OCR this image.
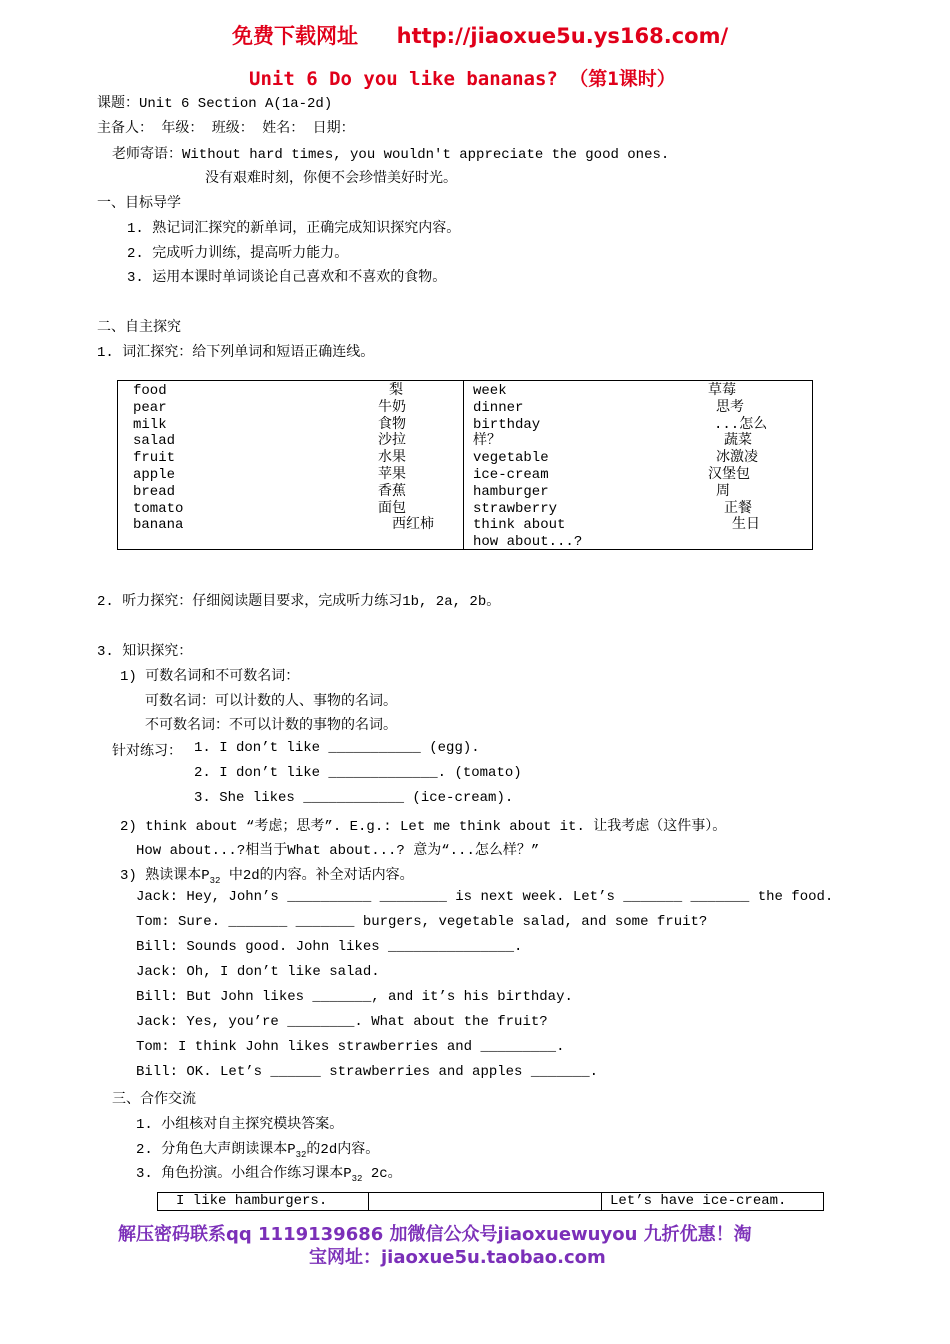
免费下载网址 http://jiaoxue5u.ys168.com/
Unit 6 Do you like bananas? （第1课时）
课题：Unit 6 Section A(1a-2d)
主备人： 年级： 班级： 姓名： 日期：
老师寄语：Without hard times, you wouldn't appreciate the good ones.
没有艰难时刻，你便不会珍惜美好时光。
一、目标导学
1. 熟记词汇探究的新单词，正确完成知识探究内容。
2. 完成听力训练，提高听力能力。
3. 运用本课时单词谈论自己喜欢和不喜欢的食物。
二、自主探究
1. 词汇探究：给下列单词和短语正确连线。
food
pear
milk
salad
fruit
apple
bread
tomato
banana
梨
牛奶
食物
沙拉
水果
苹果
香蕉
面包
西红柿
week
dinner
birthday
样？
vegetable
ice-cream
hamburger
strawberry
think about
how about...?
草莓
思考
...怎么
蔬菜
冰激凌
汉堡包
周
正餐
生日
2. 听力探究：仔细阅读题目要求，完成听力练习1b, 2a, 2b。
3. 知识探究：
1) 可数名词和不可数名词：
可数名词：可以计数的人、事物的名词。
不可数名词：不可以计数的事物的名词。
针对练习： 1. I don’t like ___________ (egg).
2. I don’t like _____________. (tomato)
3. She likes ____________ (ice-cream).
2) think about “考虑；思考”. E.g.: Let me think about it. 让我考虑（这件事）。
How about...?相当于What about...? 意为“...怎么样？”
3) 熟读课本$P_{32}$ 中2d的内容。补全对话内容。
Jack: Hey, John’s __________ ________ is next week. Let’s _______ _______ the food.
Tom: Sure. _______ _______ burgers, vegetable salad, and some fruit?
Bill: Sounds good. John likes _______________.
Jack: Oh, I don’t like salad.
Bill: But John likes _______, and it’s his birthday.
Jack: Yes, you’re ________. What about the fruit?
Tom: I think John likes strawberries and _________.
Bill: OK. Let’s ______ strawberries and apples _______.
三、合作交流
1. 小组核对自主探究模块答案。
2. 分角色大声朗读课本$P_{32}$的2d内容。
3. 角色扮演。小组合作练习课本$P_{32}$ 2c。
I like hamburgers.	Let’s have ice-cream.
解压密码联系qq 1119139686 加微信公众号jiaoxuewuyou 九折优惠！淘
宝网址：jiaoxue5u.taobao.com
